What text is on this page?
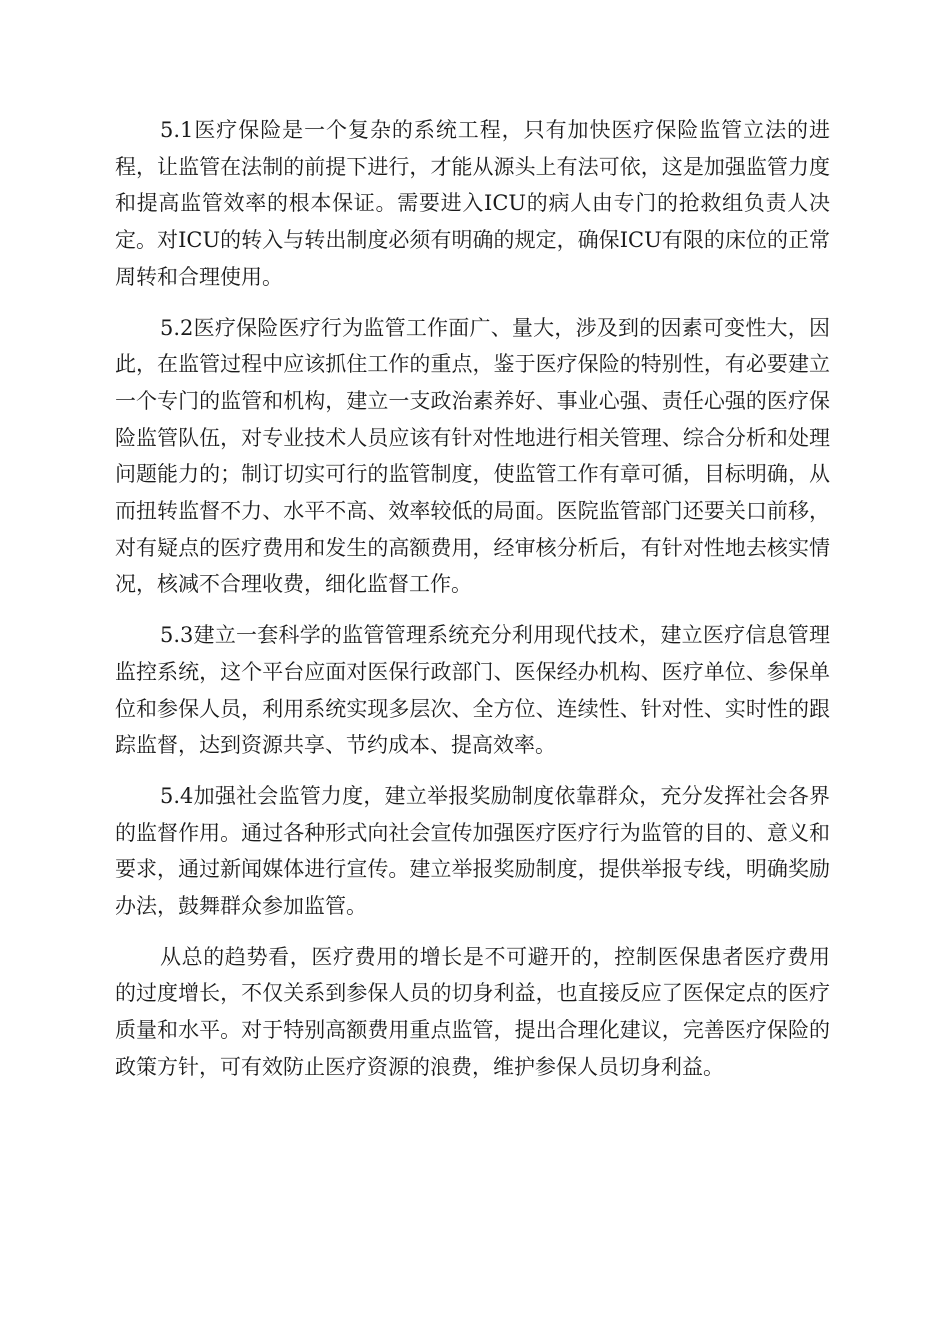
5.1医疗保险是一个复杂的系统工程，只有加快医疗保险监管立法的进程，让监管在法制的前提下进行，才能从源头上有法可依，这是加强监管力度和提高监管效率的根本保证。需要进入ICU的病人由专门的抢救组负责人决定。对ICU的转入与转出制度必须有明确的规定，确保ICU有限的床位的正常周转和合理使用。

5.2医疗保险医疗行为监管工作面广、量大，涉及到的因素可变性大，因此，在监管过程中应该抓住工作的重点，鉴于医疗保险的特别性，有必要建立一个专门的监管和机构，建立一支政治素养好、事业心强、责任心强的医疗保险监管队伍，对专业技术人员应该有针对性地进行相关管理、综合分析和处理问题能力的；制订切实可行的监管制度，使监管工作有章可循，目标明确，从而扭转监督不力、水平不高、效率较低的局面。医院监管部门还要关口前移，对有疑点的医疗费用和发生的高额费用，经审核分析后，有针对性地去核实情况，核减不合理收费，细化监督工作。

5.3建立一套科学的监管管理系统充分利用现代技术，建立医疗信息管理监控系统，这个平台应面对医保行政部门、医保经办机构、医疗单位、参保单位和参保人员，利用系统实现多层次、全方位、连续性、针对性、实时性的跟踪监督，达到资源共享、节约成本、提高效率。

5.4加强社会监管力度，建立举报奖励制度依靠群众，充分发挥社会各界的监督作用。通过各种形式向社会宣传加强医疗医疗行为监管的目的、意义和要求，通过新闻媒体进行宣传。建立举报奖励制度，提供举报专线，明确奖励办法，鼓舞群众参加监管。

从总的趋势看，医疗费用的增长是不可避开的，控制医保患者医疗费用的过度增长，不仅关系到参保人员的切身利益，也直接反应了医保定点的医疗质量和水平。对于特别高额费用重点监管，提出合理化建议，完善医疗保险的政策方针，可有效防止医疗资源的浪费，维护参保人员切身利益。
